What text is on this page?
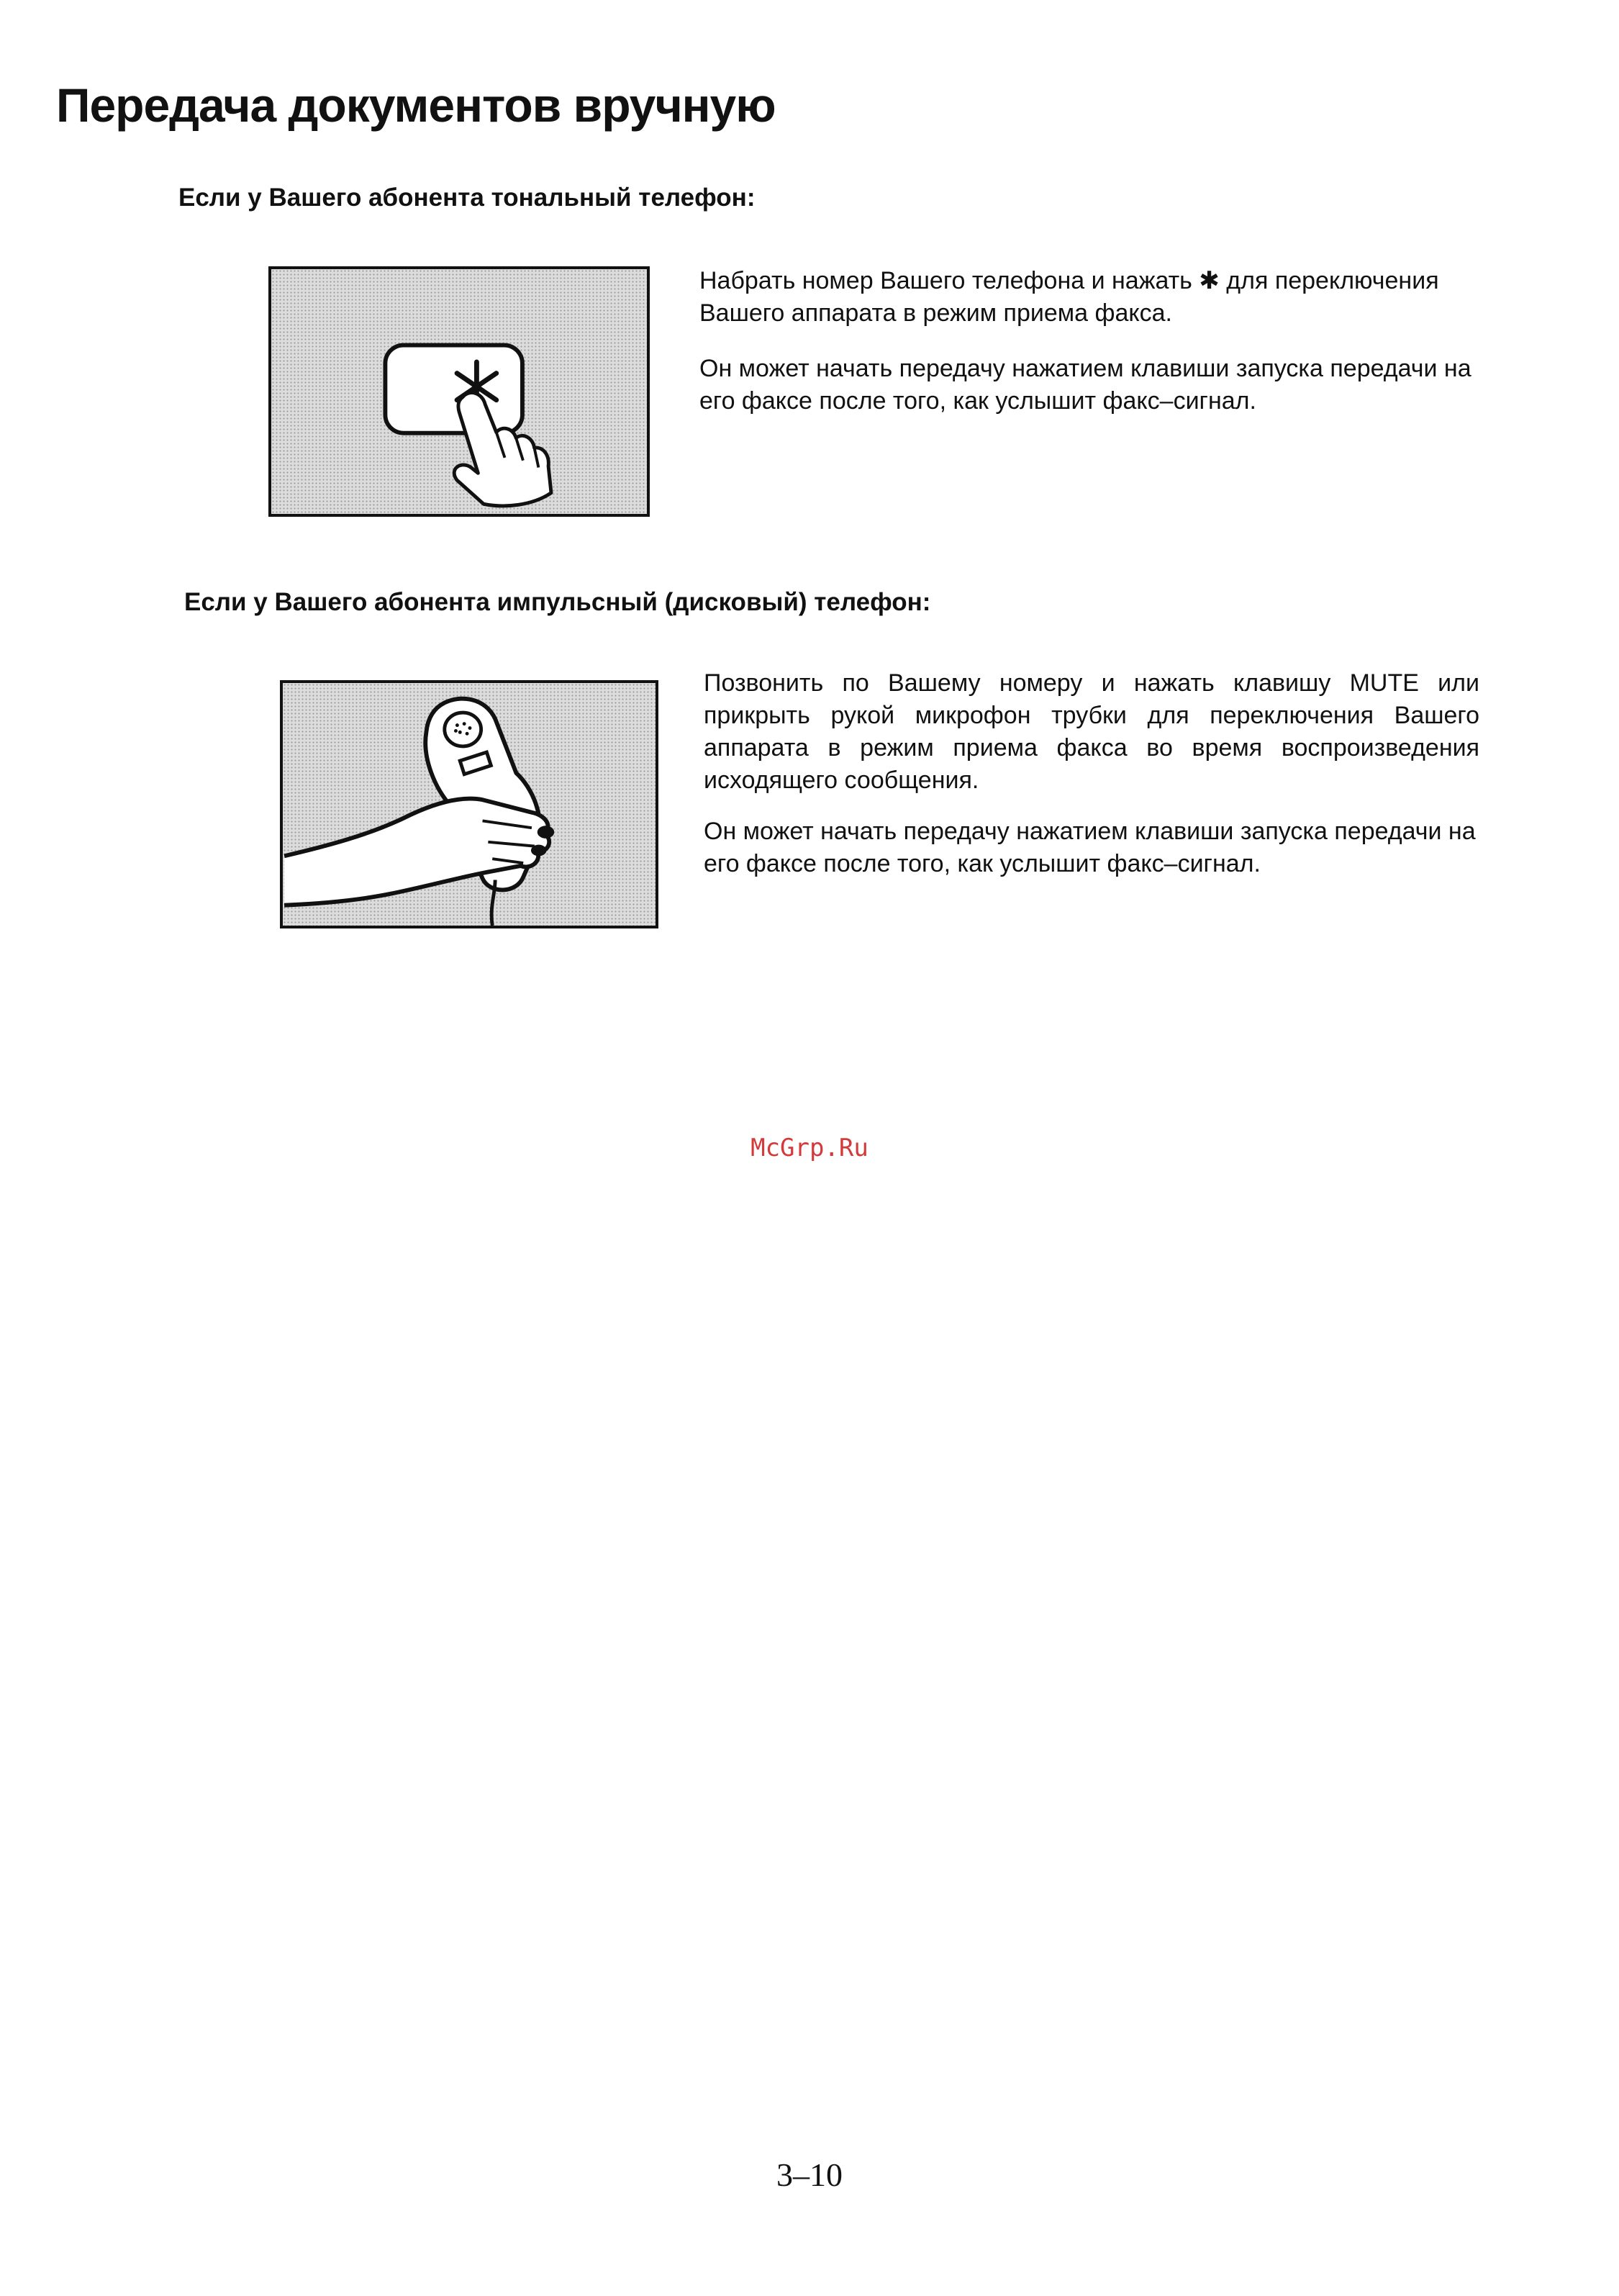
Передача документов вручную
Если у Вашего абонента тональный телефон:

Набрать номер Вашего телефона и нажать ✱ для переключения Вашего аппарата в режим приема факса.

Он может начать передачу нажатием клавиши запуска передачи на его факсе после того, как услышит факс–сигнал.

Если у Вашего абонента импульсный (дисковый) телефон:

Позвонить по Вашему номеру и нажать клавишу MUTE или прикрыть рукой микрофон трубки для переключения Вашего аппарата в режим приема факса во время воспроизведения исходящего сообщения.

Он может начать передачу нажатием клавиши запуска передачи на его факсе после того, как услышит факс–сигнал.

McGrp.Ru
3–10
